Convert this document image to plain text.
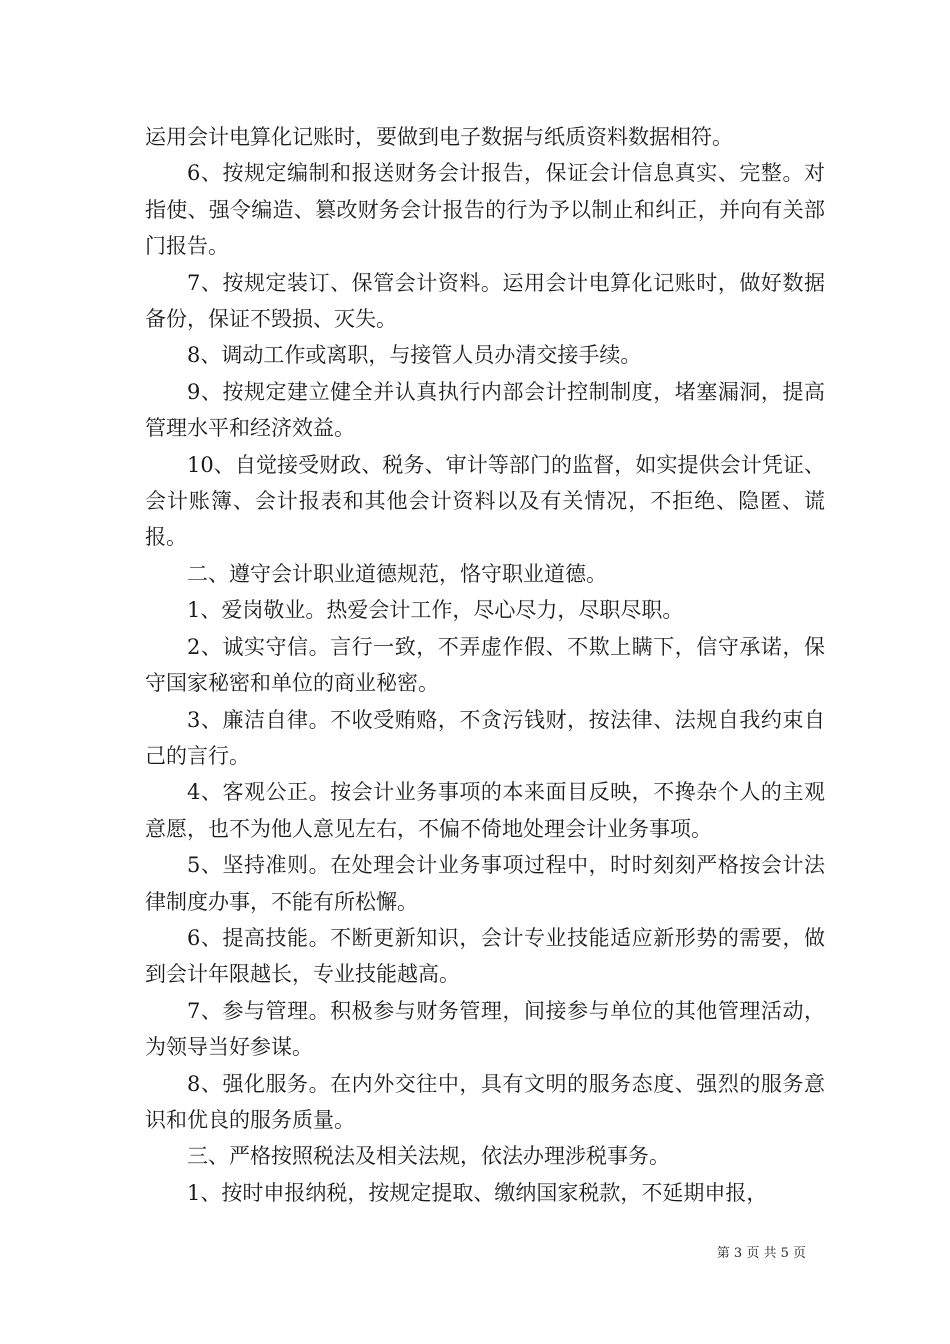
运用会计电算化记账时，要做到电子数据与纸质资料数据相符。

6、按规定编制和报送财务会计报告，保证会计信息真实、完整。对指使、强令编造、篡改财务会计报告的行为予以制止和纠正，并向有关部门报告。

7、按规定装订、保管会计资料。运用会计电算化记账时，做好数据备份，保证不毁损、灭失。

8、调动工作或离职，与接管人员办清交接手续。

9、按规定建立健全并认真执行内部会计控制制度，堵塞漏洞，提高管理水平和经济效益。

10、自觉接受财政、税务、审计等部门的监督，如实提供会计凭证、会计账簿、会计报表和其他会计资料以及有关情况，不拒绝、隐匿、谎报。

二、遵守会计职业道德规范，恪守职业道德。

1、爱岗敬业。热爱会计工作，尽心尽力，尽职尽职。

2、诚实守信。言行一致，不弄虚作假、不欺上瞒下，信守承诺，保守国家秘密和单位的商业秘密。

3、廉洁自律。不收受贿赂，不贪污钱财，按法律、法规自我约束自己的言行。

4、客观公正。按会计业务事项的本来面目反映，不搀杂个人的主观意愿，也不为他人意见左右，不偏不倚地处理会计业务事项。

5、坚持准则。在处理会计业务事项过程中，时时刻刻严格按会计法律制度办事，不能有所松懈。

6、提高技能。不断更新知识，会计专业技能适应新形势的需要，做到会计年限越长，专业技能越高。

7、参与管理。积极参与财务管理，间接参与单位的其他管理活动，为领导当好参谋。

8、强化服务。在内外交往中，具有文明的服务态度、强烈的服务意识和优良的服务质量。

三、严格按照税法及相关法规，依法办理涉税事务。

1、按时申报纳税，按规定提取、缴纳国家税款，不延期申报，

第 3 页 共 5 页
